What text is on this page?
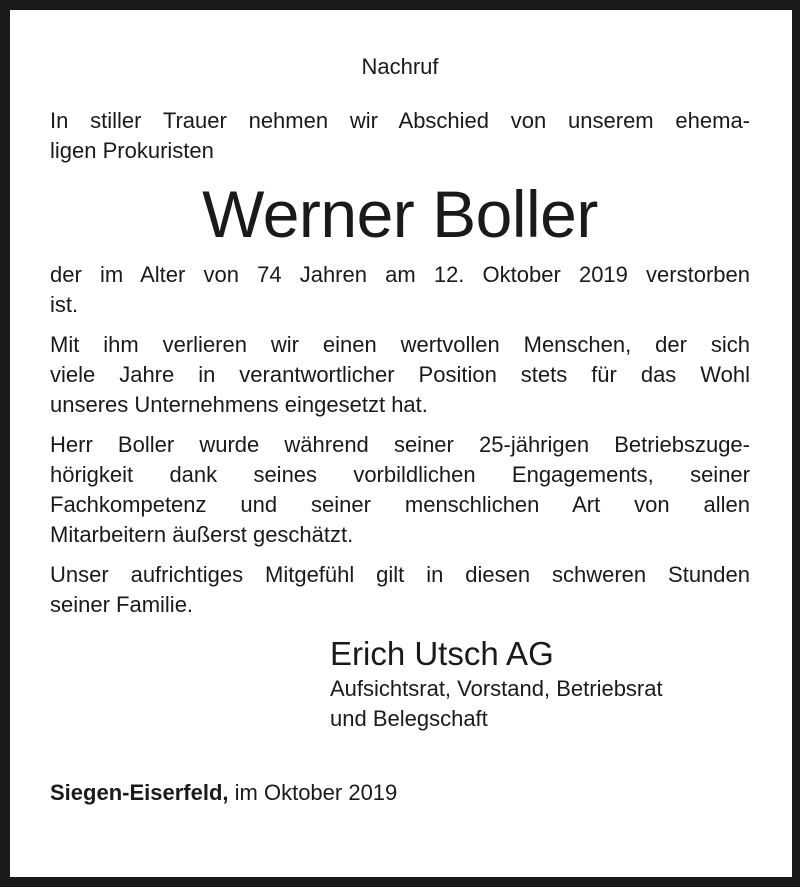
Nachruf
In stiller Trauer nehmen wir Abschied von unserem ehema-
ligen Prokuristen
Werner Boller
der im Alter von 74 Jahren am 12. Oktober 2019 verstorben
ist.
Mit ihm verlieren wir einen wertvollen Menschen, der sich
viele Jahre in verantwortlicher Position stets für das Wohl
unseres Unternehmens eingesetzt hat.
Herr Boller wurde während seiner 25-jährigen Betriebszuge-
hörigkeit dank seines vorbildlichen Engagements, seiner
Fachkompetenz und seiner menschlichen Art von allen
Mitarbeitern äußerst geschätzt.
Unser aufrichtiges Mitgefühl gilt in diesen schweren Stunden
seiner Familie.
Erich Utsch AG
Aufsichtsrat, Vorstand, Betriebsrat
und Belegschaft
Siegen-Eiserfeld, im Oktober 2019
